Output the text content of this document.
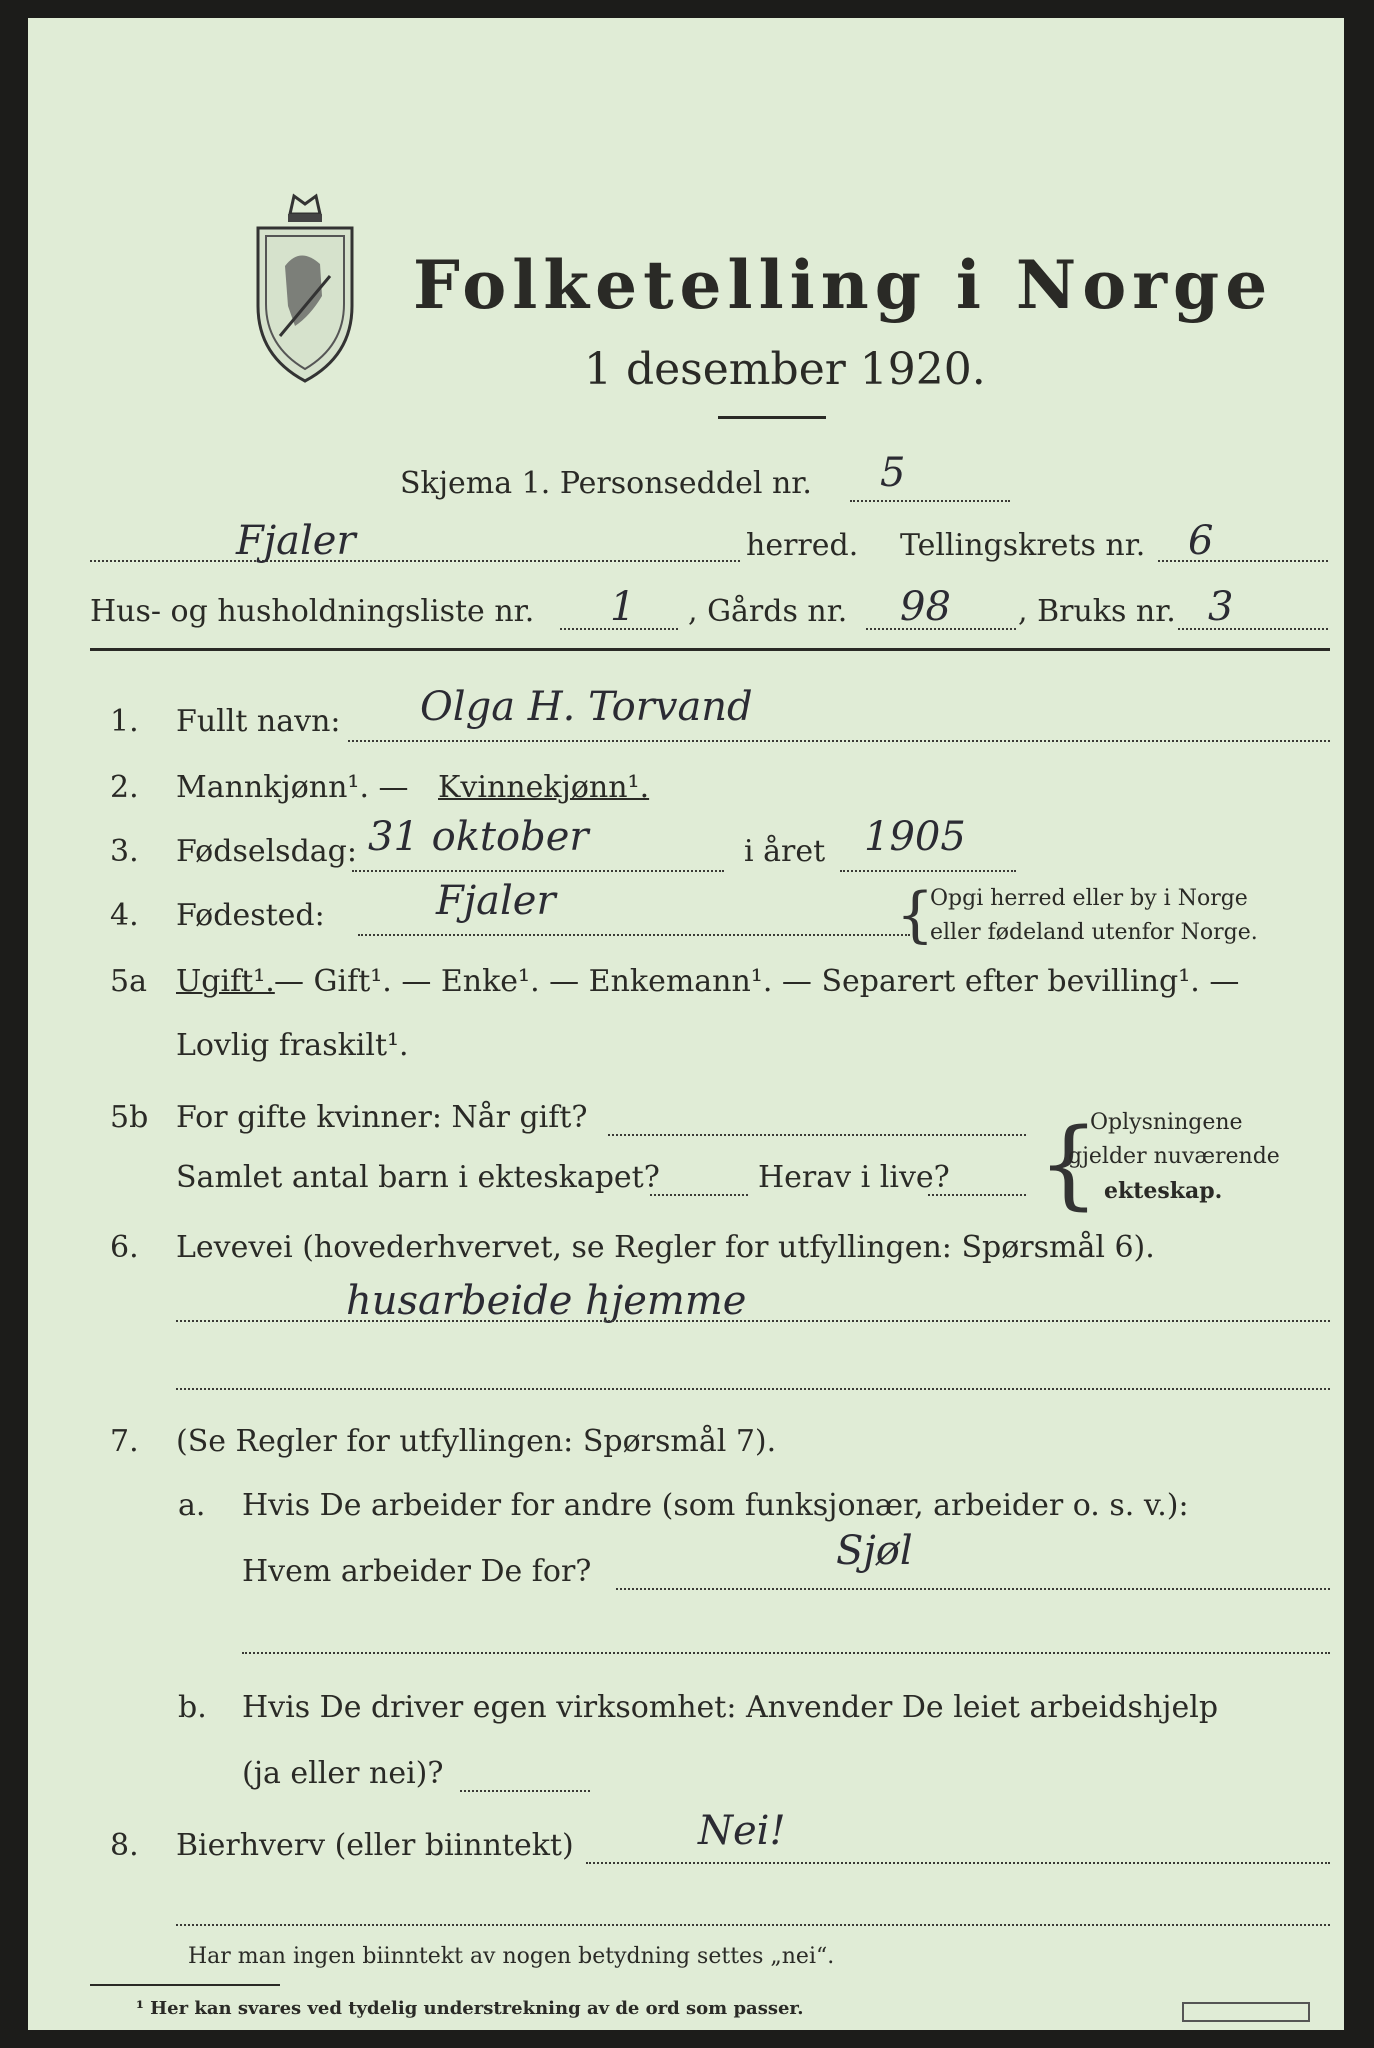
Folketelling i Norge
1 desember 1920.
Skjema 1. Personseddel nr. 5
Fjaler	herred. Tellingskrets nr. 6
Hus- og husholdningsliste nr. 1 , Gårds nr. 98 , Bruks nr. 3
1. Fullt navn: Olga H. Torvand
2. Mannkjønn¹. — Kvinnekjønn¹.
3. Fødselsdag: 31 oktober	i året 1905
4. Fødested:	Fjaler	{
Opgi herred eller by i Norge
eller fødeland utenfor Norge.
5a Ugift¹. — Gift¹. — Enke¹. — Enkemann¹. — Separert efter bevilling¹. —
Lovlig fraskilt¹.
5b For gifte kvinner: Når gift?
Samlet antal barn i ekteskapet?	Herav i live? {
Oplysningene
gjelder nuværende
ekteskap.
6. Levevei (hovederhvervet, se Regler for utfyllingen: Spørsmål 6).
husarbeide hjemme
7. (Se Regler for utfyllingen: Spørsmål 7).
a. Hvis De arbeider for andre (som funksjonær, arbeider o. s. v.):
Hvem arbeider De for?	Sjøl
b. Hvis De driver egen virksomhet: Anvender De leiet arbeidshjelp
(ja eller nei)?
8. Bierhverv (eller biinntekt)	Nei!
Har man ingen biinntekt av nogen betydning settes „nei“.
¹ Her kan svares ved tydelig understrekning av de ord som passer.
